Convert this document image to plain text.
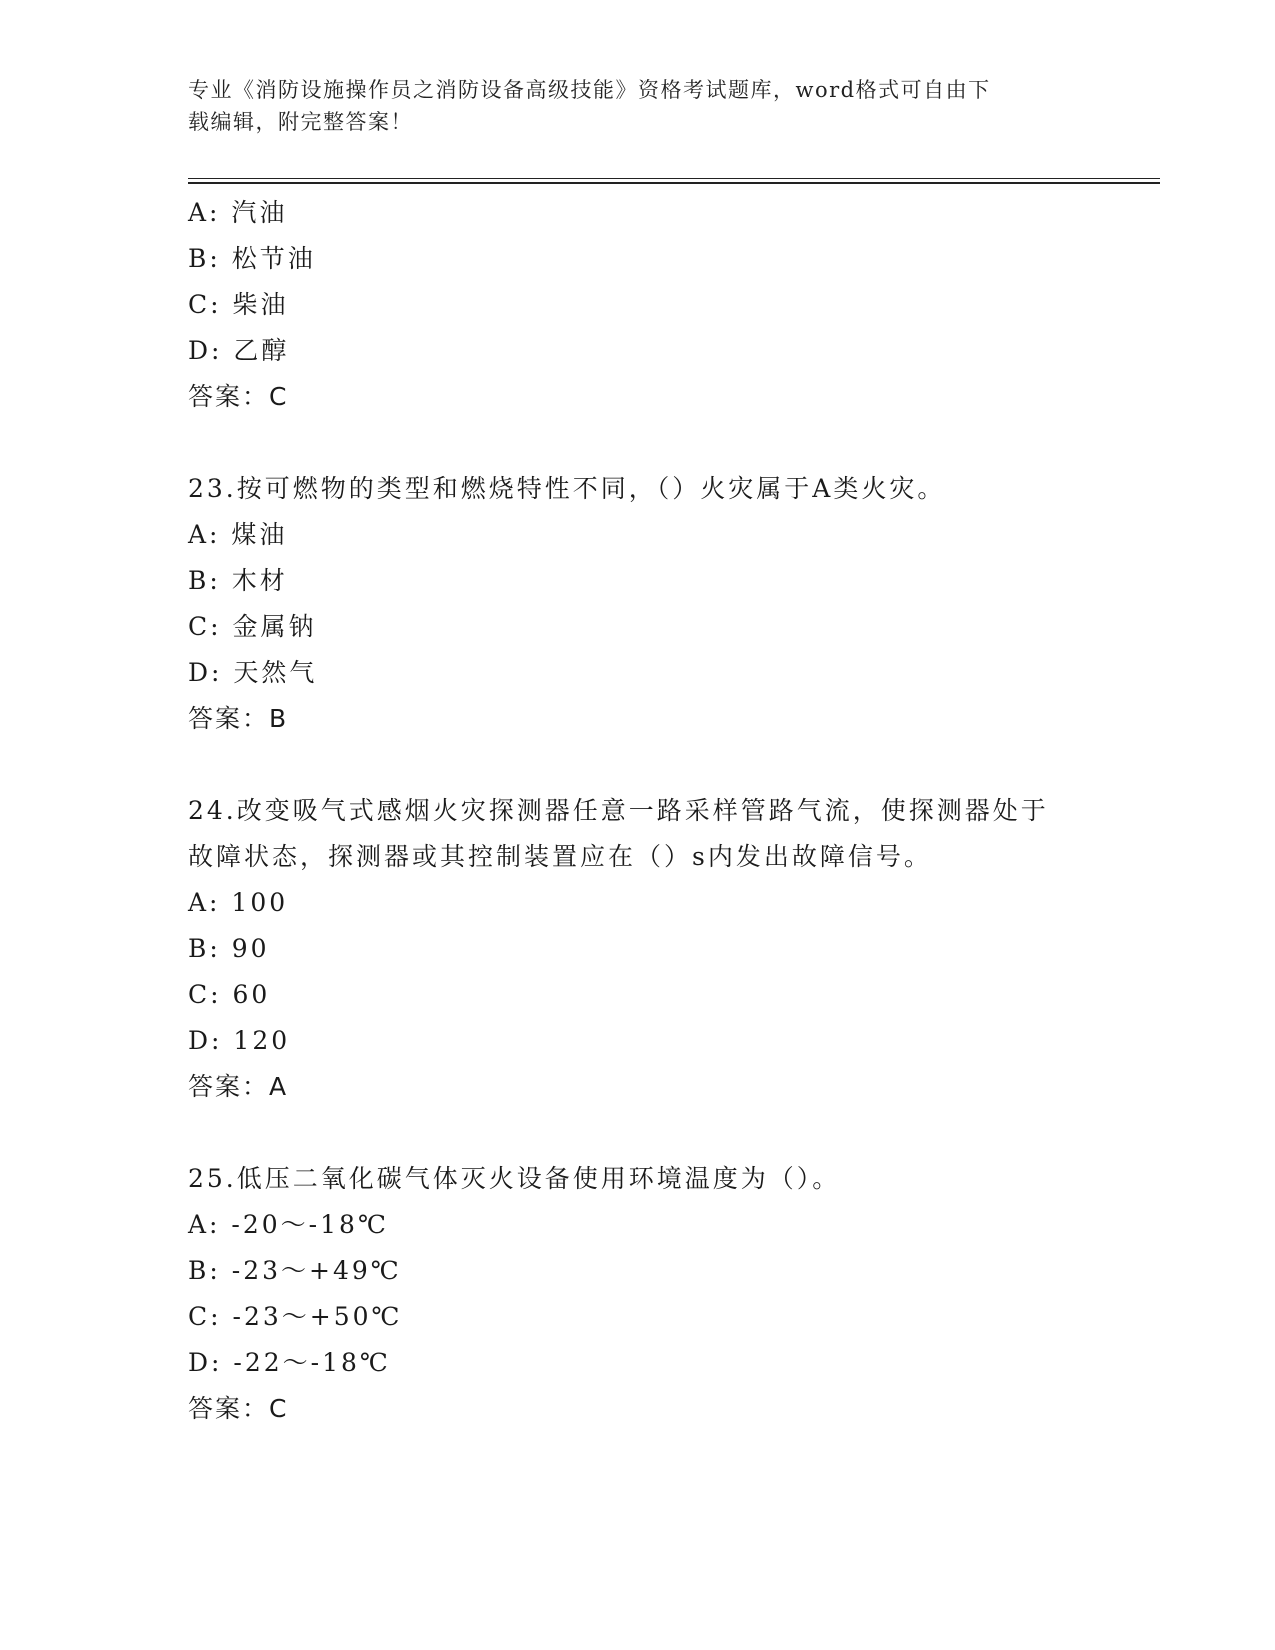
专业《消防设施操作员之消防设备高级技能》资格考试题库，word格式可自由下
载编辑，附完整答案！
A: 汽油
B: 松节油
C: 柴油
D: 乙醇
答案：C
23.按可燃物的类型和燃烧特性不同，（）火灾属于A类火灾。
A: 煤油
B: 木材
C: 金属钠
D: 天然气
答案：B
24.改变吸气式感烟火灾探测器任意一路采样管路气流，使探测器处于
故障状态，探测器或其控制装置应在（）s内发出故障信号。
A: 100
B: 90
C: 60
D: 120
答案：A
25.低压二氧化碳气体灭火设备使用环境温度为（）。
A: -20～-18℃
B: -23～+49℃
C: -23～+50℃
D: -22～-18℃
答案：C
